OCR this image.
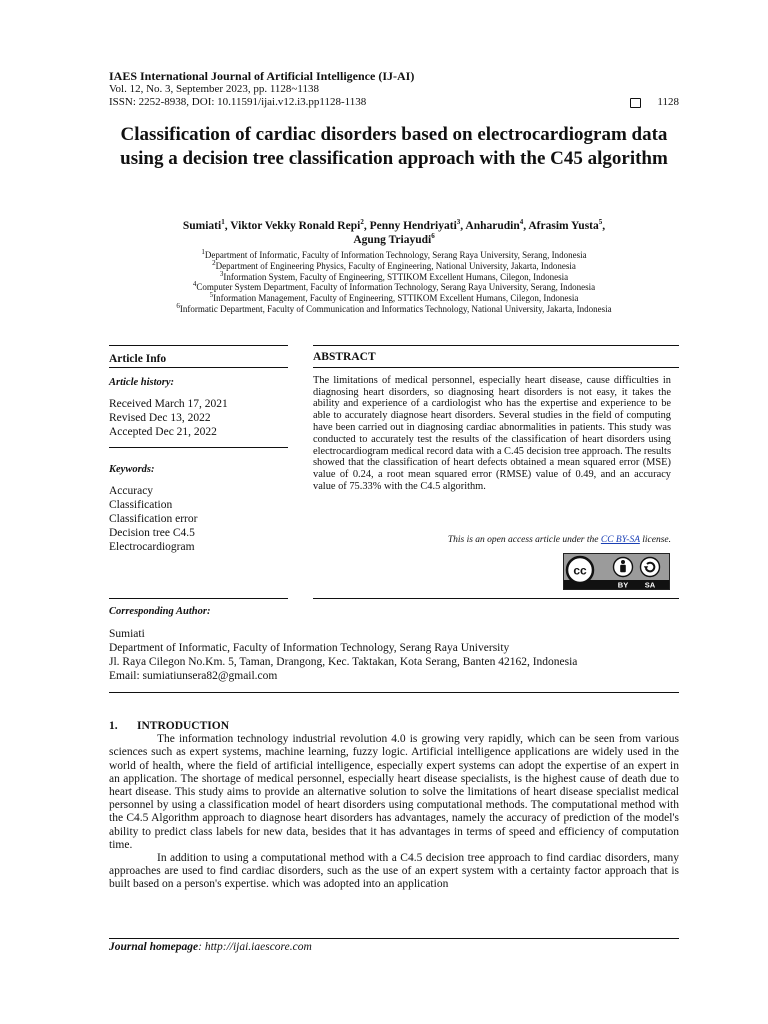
IAES International Journal of Artificial Intelligence (IJ-AI)
Vol. 12, No. 3, September 2023, pp. 1128~1138
ISSN: 2252-8938, DOI: 10.11591/ijai.v12.i3.pp1128-1138	1128
Classification of cardiac disorders based on electrocardiogram data using a decision tree classification approach with the C45 algorithm
Sumiati$^1$, Viktor Vekky Ronald Repi$^2$, Penny Hendriyati$^3$, Anharudin$^4$, Afrasim Yusta$^5$,
Agung Triayudi$^6$
$^1$Department of Informatic, Faculty of Information Technology, Serang Raya University, Serang, Indonesia
$^2$Department of Engineering Physics, Faculty of Engineering, National University, Jakarta, Indonesia
$^3$Information System, Faculty of Engineering, STTIKOM Excellent Humans, Cilegon, Indonesia
$^4$Computer System Department, Faculty of Information Technology, Serang Raya University, Serang, Indonesia
$^5$Information Management, Faculty of Engineering, STTIKOM Excellent Humans, Cilegon, Indonesia
$^6$Informatic Department, Faculty of Communication and Informatics Technology, National University, Jakarta, Indonesia
Article Info
Article history:
Received March 17, 2021
Revised Dec 13, 2022
Accepted Dec 21, 2022
Keywords:
Accuracy
Classification
Classification error
Decision tree C4.5
Electrocardiogram
ABSTRACT
The limitations of medical personnel, especially heart disease, cause difficulties in diagnosing heart disorders, so diagnosing heart disorders is not easy, it takes the ability and experience of a cardiologist who has the expertise and experience to be able to accurately diagnose heart disorders. Several studies in the field of computing have been carried out in diagnosing cardiac abnormalities in patients. This study was conducted to accurately test the results of the classification of heart disorders using electrocardiogram medical record data with a C.45 decision tree approach. The results showed that the classification of heart defects obtained a mean squared error (MSE) value of 0.24, a root mean squared error (RMSE) value of 0.49, and an accuracy value of 75.33% with the C4.5 algorithm.
This is an open access article under the CC BY-SA license.
cc
BY SA
Corresponding Author:
Sumiati
Department of Informatic, Faculty of Information Technology, Serang Raya University
Jl. Raya Cilegon No.Km. 5, Taman, Drangong, Kec. Taktakan, Kota Serang, Banten 42162, Indonesia
Email: sumiatiunsera82@gmail.com
1. INTRODUCTION

The information technology industrial revolution 4.0 is growing very rapidly, which can be seen from various sciences such as expert systems, machine learning, fuzzy logic. Artificial intelligence applications are widely used in the world of health, where the field of artificial intelligence, especially expert systems can adopt the expertise of an expert in an application. The shortage of medical personnel, especially heart disease specialists, is the highest cause of death due to heart disease. This study aims to provide an alternative solution to solve the limitations of heart disease specialist medical personnel by using a classification model of heart disorders using computational methods. The computational method with the C4.5 Algorithm approach to diagnose heart disorders has advantages, namely the accuracy of prediction of the model's ability to predict class labels for new data, besides that it has advantages in terms of speed and efficiency of computation time.

In addition to using a computational method with a C4.5 decision tree approach to find cardiac disorders, many approaches are used to find cardiac disorders, such as the use of an expert system with a certainty factor approach that is built based on a person's expertise. which was adopted into an application

Journal homepage: http://ijai.iaescore.com
